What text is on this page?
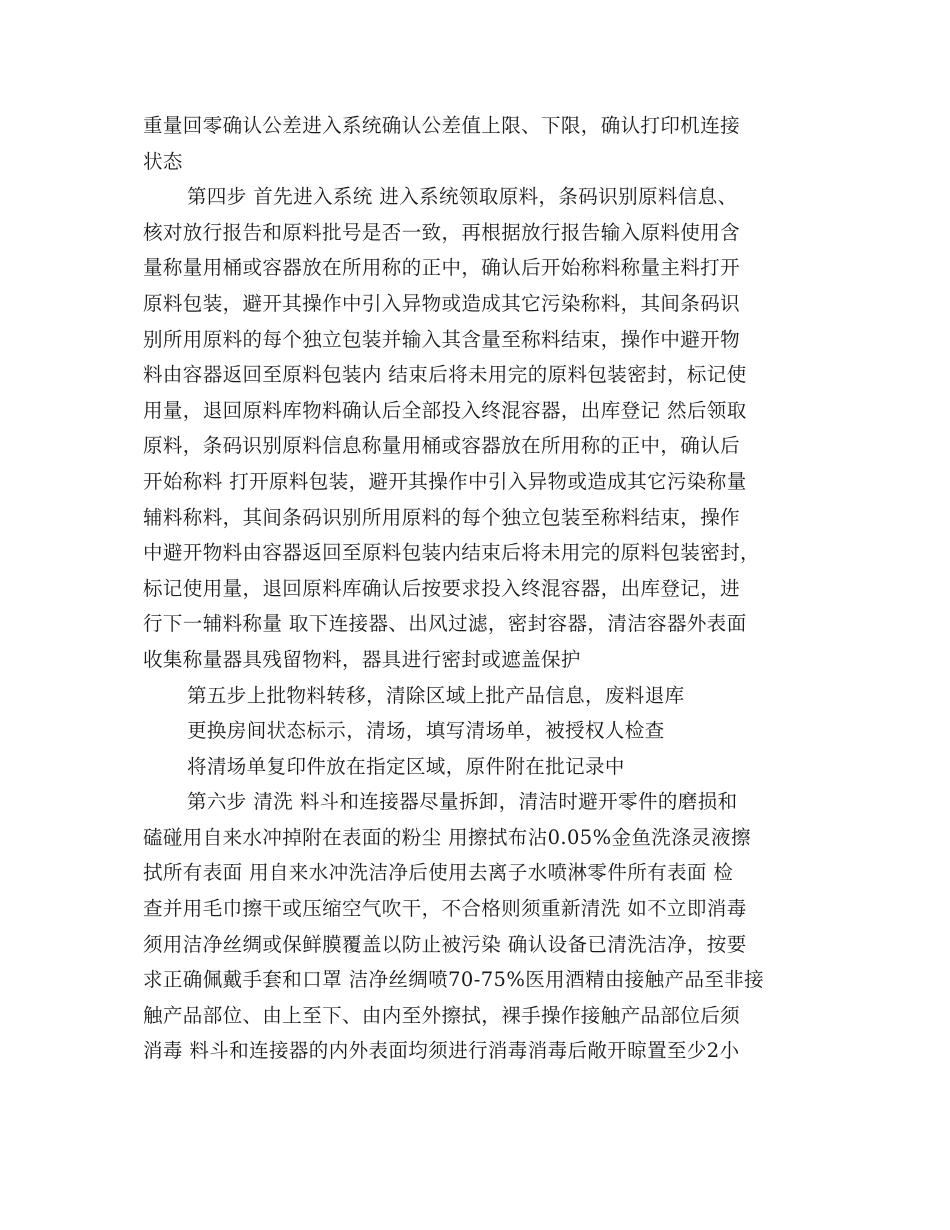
重量回零确认公差进入系统确认公差值上限、下限，确认打印机连接
状态
第四步 首先进入系统 进入系统领取原料，条码识别原料信息、
核对放行报告和原料批号是否一致，再根据放行报告输入原料使用含
量称量用桶或容器放在所用称的正中，确认后开始称料称量主料打开
原料包装，避开其操作中引入异物或造成其它污染称料，其间条码识
别所用原料的每个独立包装并输入其含量至称料结束，操作中避开物
料由容器返回至原料包装内 结束后将未用完的原料包装密封，标记使
用量，退回原料库物料确认后全部投入终混容器，出库登记 然后领取
原料，条码识别原料信息称量用桶或容器放在所用称的正中，确认后
开始称料 打开原料包装，避开其操作中引入异物或造成其它污染称量
辅料称料，其间条码识别所用原料的每个独立包装至称料结束，操作
中避开物料由容器返回至原料包装内结束后将未用完的原料包装密封，
标记使用量，退回原料库确认后按要求投入终混容器，出库登记，进
行下一辅料称量 取下连接器、出风过滤，密封容器，清洁容器外表面
收集称量器具残留物料，器具进行密封或遮盖保护
第五步上批物料转移，清除区域上批产品信息，废料退库
更换房间状态标示，清场，填写清场单，被授权人检查
将清场单复印件放在指定区域，原件附在批记录中
第六步 清洗 料斗和连接器尽量拆卸，清洁时避开零件的磨损和
磕碰用自来水冲掉附在表面的粉尘 用擦拭布沾0.05%金鱼洗涤灵液擦
拭所有表面 用自来水冲洗洁净后使用去离子水喷淋零件所有表面 检
查并用毛巾擦干或压缩空气吹干，不合格则须重新清洗 如不立即消毒
须用洁净丝绸或保鲜膜覆盖以防止被污染 确认设备已清洗洁净，按要
求正确佩戴手套和口罩 洁净丝绸喷70-75%医用酒精由接触产品至非接
触产品部位、由上至下、由内至外擦拭，裸手操作接触产品部位后须
消毒 料斗和连接器的内外表面均须进行消毒消毒后敞开晾置至少2小
